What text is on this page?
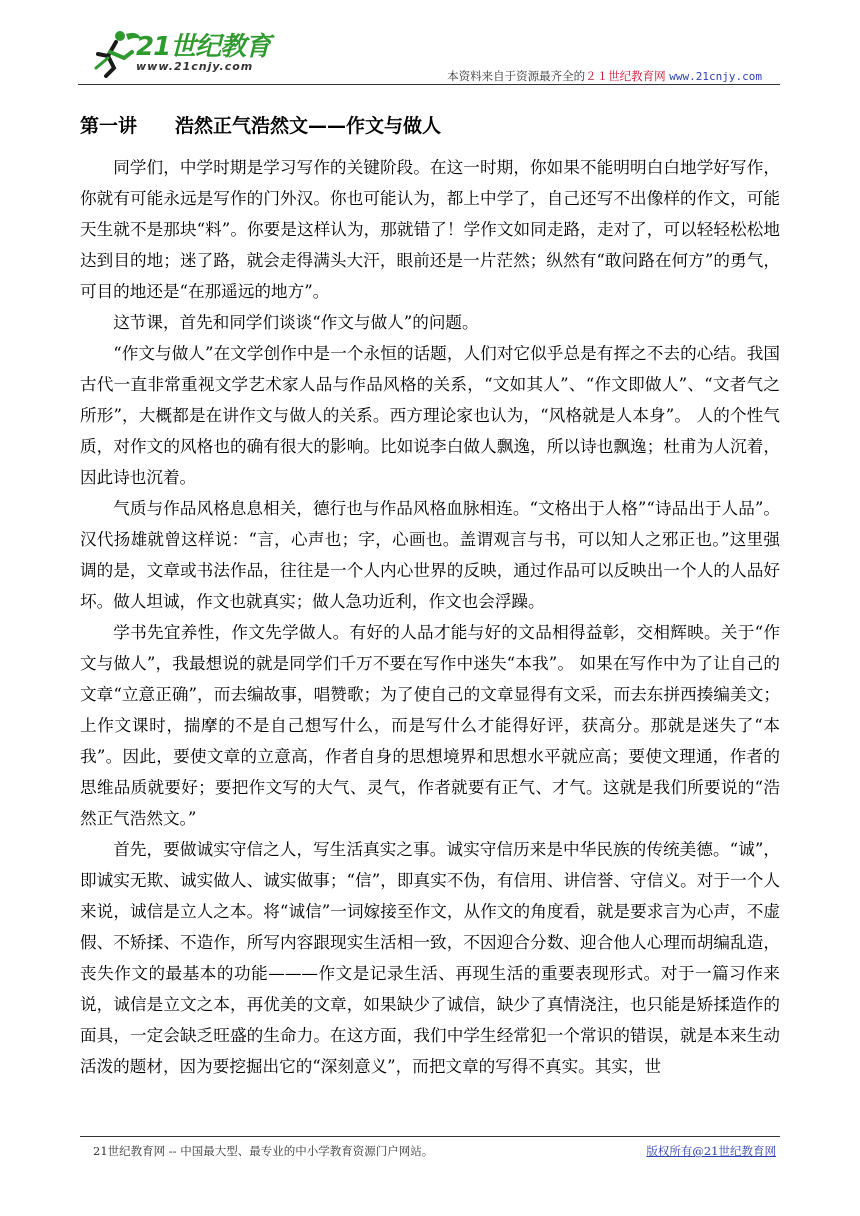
21世纪教育
www.21cnjy.com
本资料来自于资源最齐全的２１世纪教育网 www.21cnjy.com
第一讲　　浩然正气浩然文——作文与做人

同学们，中学时期是学习写作的关键阶段。在这一时期，你如果不能明明白白地学好写作，你就有可能永远是写作的门外汉。你也可能认为，都上中学了，自己还写不出像样的作文，可能天生就不是那块“料”。你要是这样认为，那就错了！学作文如同走路，走对了，可以轻轻松松地达到目的地；迷了路，就会走得满头大汗，眼前还是一片茫然；纵然有“敢问路在何方”的勇气，可目的地还是“在那遥远的地方”。

这节课，首先和同学们谈谈“作文与做人”的问题。

“作文与做人”在文学创作中是一个永恒的话题，人们对它似乎总是有挥之不去的心结。我国古代一直非常重视文学艺术家人品与作品风格的关系，“文如其人”、“作文即做人”、“文者气之所形”，大概都是在讲作文与做人的关系。西方理论家也认为，“风格就是人本身”。 人的个性气质，对作文的风格也的确有很大的影响。比如说李白做人飘逸，所以诗也飘逸；杜甫为人沉着，因此诗也沉着。

气质与作品风格息息相关，德行也与作品风格血脉相连。“文格出于人格”“诗品出于人品”。汉代扬雄就曾这样说：“言，心声也；字，心画也。盖谓观言与书，可以知人之邪正也。”这里强调的是，文章或书法作品，往往是一个人内心世界的反映，通过作品可以反映出一个人的人品好坏。做人坦诚，作文也就真实；做人急功近利，作文也会浮躁。

学书先宜养性，作文先学做人。有好的人品才能与好的文品相得益彰，交相辉映。关于“作文与做人”，我最想说的就是同学们千万不要在写作中迷失“本我”。 如果在写作中为了让自己的文章“立意正确”，而去编故事，唱赞歌；为了使自己的文章显得有文采，而去东拼西揍编美文；上作文课时，揣摩的不是自己想写什么，而是写什么才能得好评，获高分。那就是迷失了“本我”。因此，要使文章的立意高，作者自身的思想境界和思想水平就应高；要使文理通，作者的思维品质就要好；要把作文写的大气、灵气，作者就要有正气、才气。这就是我们所要说的“浩然正气浩然文。”

首先，要做诚实守信之人，写生活真实之事。诚实守信历来是中华民族的传统美德。“诚”，即诚实无欺、诚实做人、诚实做事；“信”，即真实不伪，有信用、讲信誉、守信义。对于一个人来说，诚信是立人之本。将“诚信”一词嫁接至作文，从作文的角度看，就是要求言为心声，不虚假、不矫揉、不造作，所写内容跟现实生活相一致，不因迎合分数、迎合他人心理而胡编乱造，丧失作文的最基本的功能———作文是记录生活、再现生活的重要表现形式。对于一篇习作来说，诚信是立文之本，再优美的文章，如果缺少了诚信，缺少了真情浇注，也只能是矫揉造作的面具，一定会缺乏旺盛的生命力。在这方面，我们中学生经常犯一个常识的错误，就是本来生动活泼的题材，因为要挖掘出它的“深刻意义”，而把文章的写得不真实。其实，世

21世纪教育网 -- 中国最大型、最专业的中小学教育资源门户网站。	版权所有@21世纪教育网
